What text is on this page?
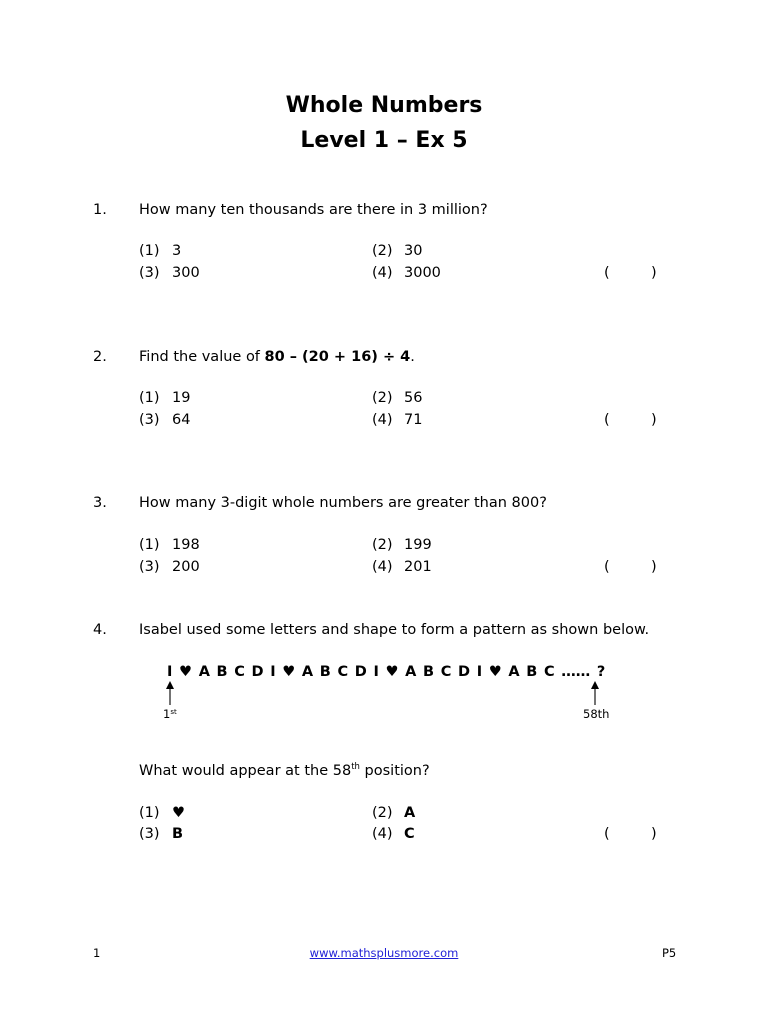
Whole Numbers
Level 1 – Ex 5
1. How many ten thousands are there in 3 million?
(1) 3	(2) 30
(3) 300	(4) 3000	(	)
2. Find the value of 80 – (20 + 16) ÷ 4.
(1) 19	(2) 56
(3) 64	(4) 71	(	)
3. How many 3-digit whole numbers are greater than 800?
(1) 198	(2) 199
(3) 200	(4) 201	(	)
4. Isabel used some letters and shape to form a pattern as shown below.
I ♥ A B C D I ♥ A B C D I ♥ A B C D I ♥ A B C …… ?
1st	58th
What would appear at the 58th position?
(1) ♥	(2) A
(3) B	(4) C	(	)
1	www.mathsplusmore.com	P5
